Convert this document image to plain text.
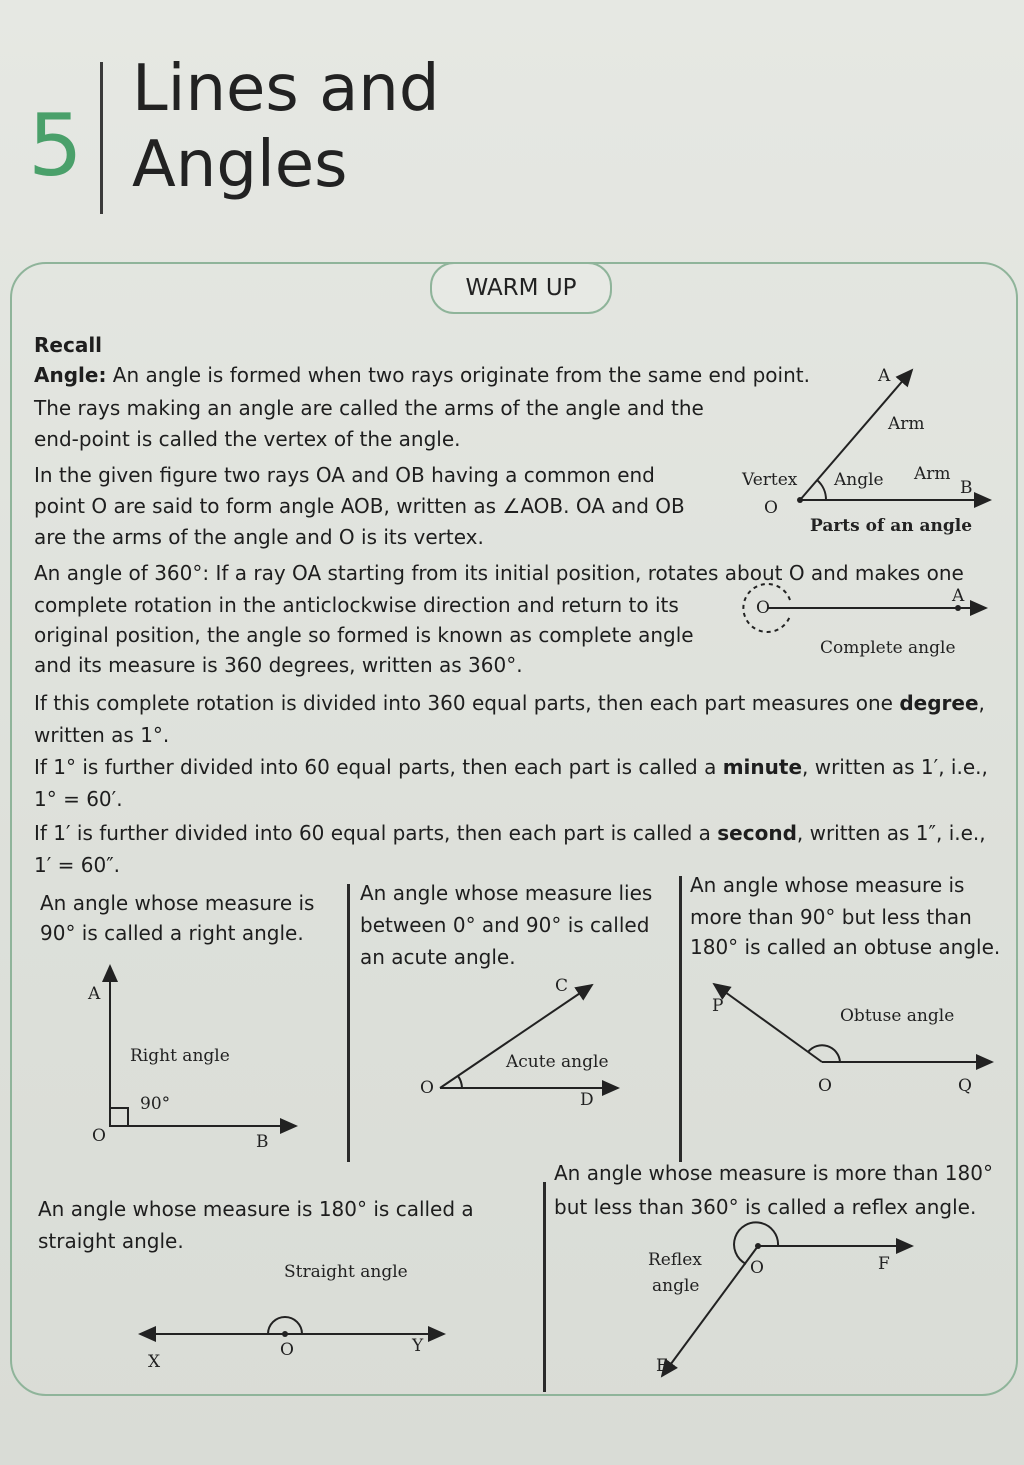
5
Lines and
Angles
WARM UP
Recall
Angle: An angle is formed when two rays originate from the same end point.
The rays making an angle are called the arms of the angle and the
end-point is called the vertex of the angle.
In the given figure two rays OA and OB having a common end
point O are said to form angle AOB, written as ∠AOB. OA and OB
are the arms of the angle and O is its vertex.
An angle of 360°: If a ray OA starting from its initial position, rotates about O and makes one
complete rotation in the anticlockwise direction and return to its
original position, the angle so formed is known as complete angle
and its measure is 360 degrees, written as 360°.
If this complete rotation is divided into 360 equal parts, then each part measures one degree,
written as 1°.
If 1° is further divided into 60 equal parts, then each part is called a minute, written as 1′, i.e.,
1° = 60′.
If 1′ is further divided into 60 equal parts, then each part is called a second, written as 1″, i.e.,
1′ = 60″.
An angle whose measure is
90° is called a right angle.
An angle whose measure lies
between 0° and 90° is called
an acute angle.
An angle whose measure is
more than 90° but less than
180° is called an obtuse angle.
An angle whose measure is 180° is called a
straight angle.
An angle whose measure is more than 180°
but less than 360° is called a reflex angle.
A
Arm
Vertex Angle Arm
B
O
Parts of an angle
O
A
Complete angle
A
Right angle
90°
O	B
C
O
Acute angle
D
P	Obtuse angle
O	Q
Straight angle
X
O	Y
Reflex
angle
O	F
E
